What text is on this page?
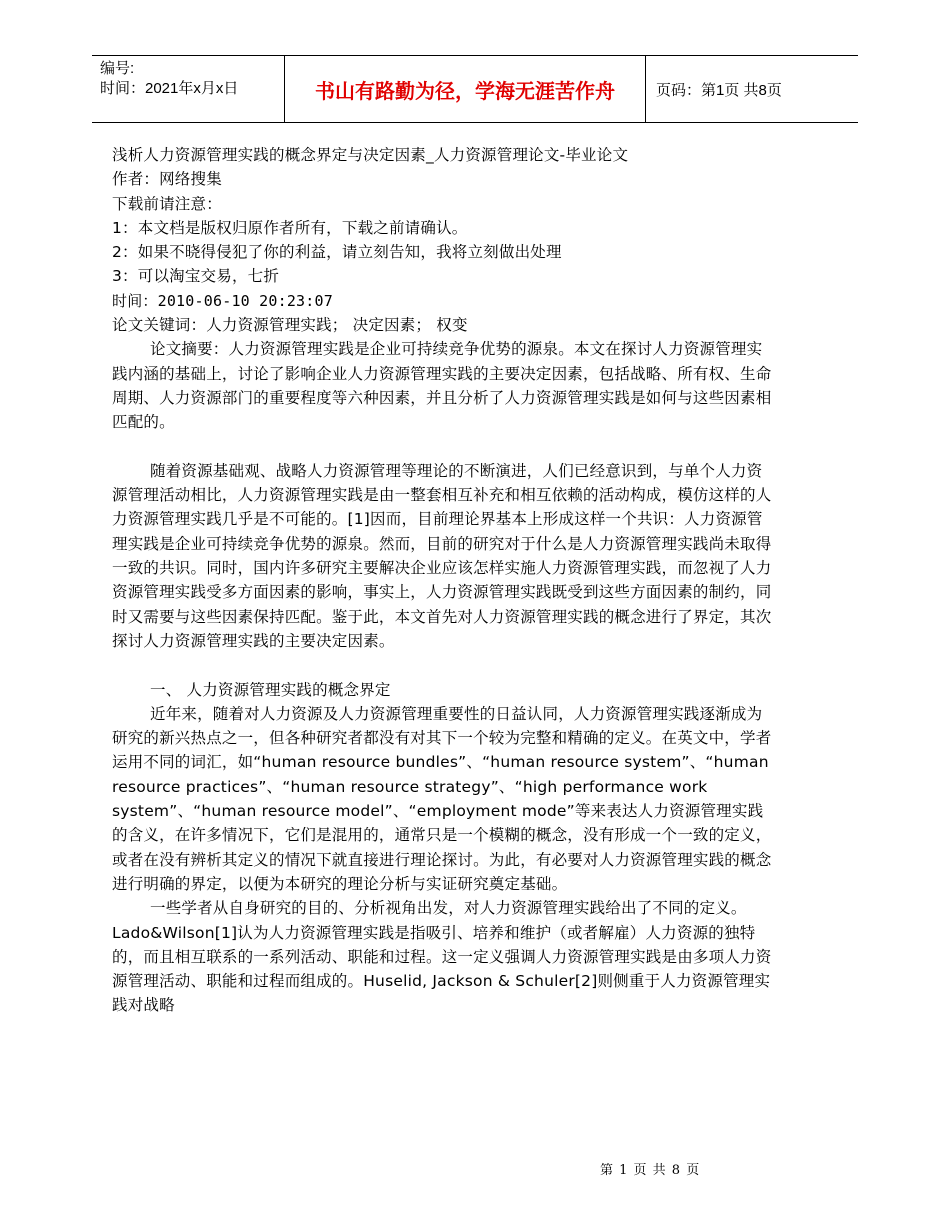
编号:
时间：2021年x月x日	书山有路勤为径，学海无涯苦作舟	页码：第1页 共8页

浅析人力资源管理实践的概念界定与决定因素_人力资源管理论文-毕业论文

作者：网络搜集

下载前请注意：

1：本文档是版权归原作者所有，下载之前请确认。

2：如果不晓得侵犯了你的利益，请立刻告知，我将立刻做出处理

3：可以淘宝交易，七折

时间：2010-06-10 20:23:07

论文关键词：人力资源管理实践； 决定因素； 权变

论文摘要：人力资源管理实践是企业可持续竞争优势的源泉。本文在探讨人力资源管理实践内涵的基础上，讨论了影响企业人力资源管理实践的主要决定因素，包括战略、所有权、生命周期、人力资源部门的重要程度等六种因素，并且分析了人力资源管理实践是如何与这些因素相匹配的。

随着资源基础观、战略人力资源管理等理论的不断演进，人们已经意识到，与单个人力资源管理活动相比，人力资源管理实践是由一整套相互补充和相互依赖的活动构成，模仿这样的人力资源管理实践几乎是不可能的。[1]因而，目前理论界基本上形成这样一个共识：人力资源管理实践是企业可持续竞争优势的源泉。然而，目前的研究对于什么是人力资源管理实践尚未取得一致的共识。同时，国内许多研究主要解决企业应该怎样实施人力资源管理实践，而忽视了人力资源管理实践受多方面因素的影响，事实上，人力资源管理实践既受到这些方面因素的制约，同时又需要与这些因素保持匹配。鉴于此，本文首先对人力资源管理实践的概念进行了界定，其次探讨人力资源管理实践的主要决定因素。

一、 人力资源管理实践的概念界定

近年来，随着对人力资源及人力资源管理重要性的日益认同，人力资源管理实践逐渐成为研究的新兴热点之一，但各种研究者都没有对其下一个较为完整和精确的定义。在英文中，学者运用不同的词汇，如“human resource bundles”、“human resource system”、“human resource practices”、“human resource strategy”、“high performance work system”、“human resource model”、“employment mode”等来表达人力资源管理实践的含义，在许多情况下，它们是混用的，通常只是一个模糊的概念，没有形成一个一致的定义，或者在没有辨析其定义的情况下就直接进行理论探讨。为此，有必要对人力资源管理实践的概念进行明确的界定，以便为本研究的理论分析与实证研究奠定基础。

一些学者从自身研究的目的、分析视角出发，对人力资源管理实践给出了不同的定义。Lado&Wilson[1]认为人力资源管理实践是指吸引、培养和维护（或者解雇）人力资源的独特的，而且相互联系的一系列活动、职能和过程。这一定义强调人力资源管理实践是由多项人力资源管理活动、职能和过程而组成的。Huselid, Jackson & Schuler[2]则侧重于人力资源管理实践对战略

第 1 页 共 8 页
